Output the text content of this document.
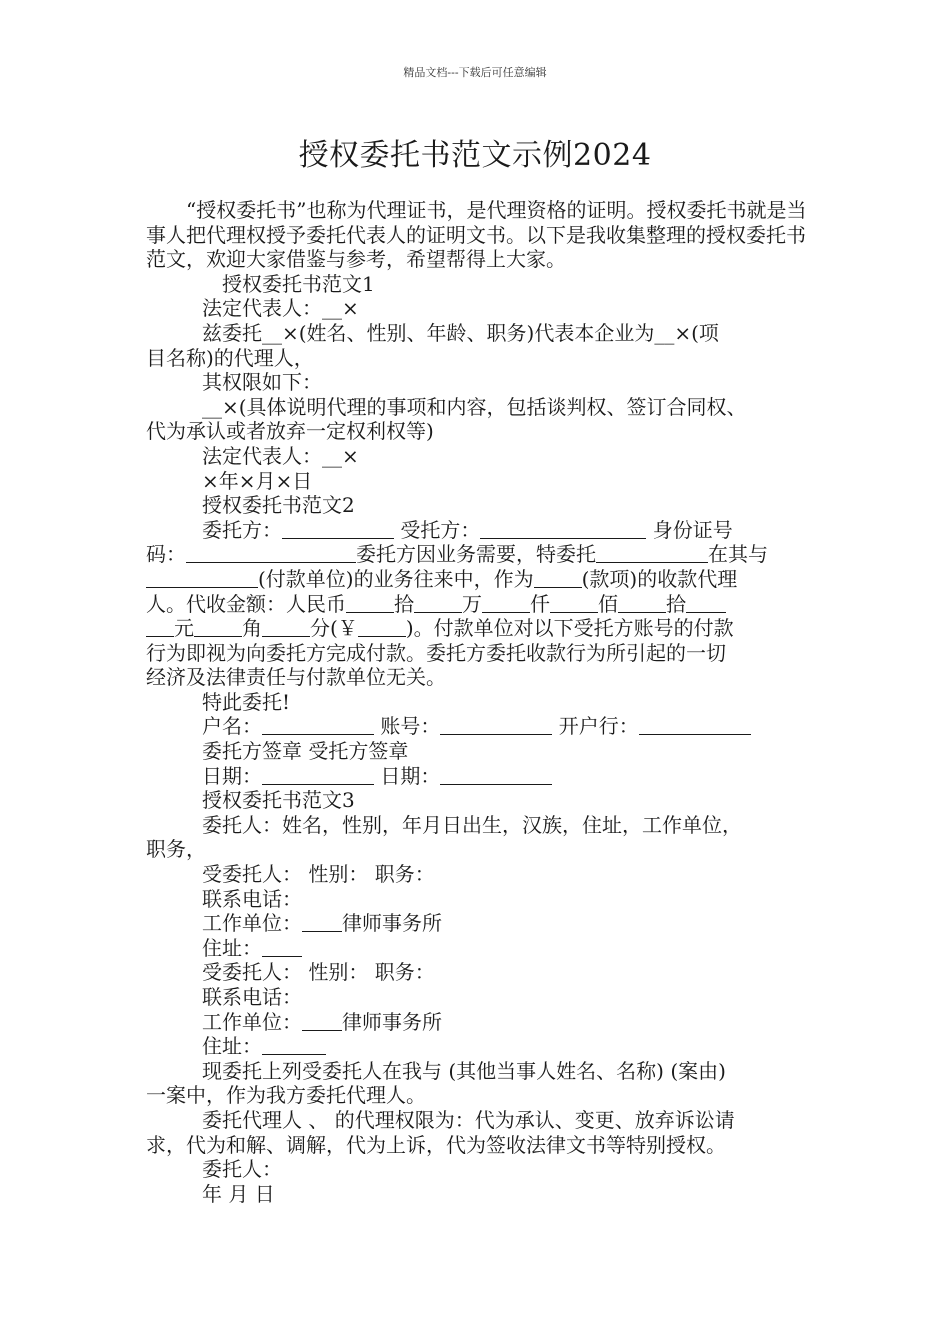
精品文档---下载后可任意编辑
授权委托书范文示例2024
“授权委托书”也称为代理证书，是代理资格的证明。授权委托书就是当事人把代理权授予委托代表人的证明文书。以下是我收集整理的授权委托书范文，欢迎大家借鉴与参考，希望帮得上大家。
授权委托书范文1
法定代表人：__×
兹委托__×(姓名、性别、年龄、职务)代表本企业为__×(项
目名称)的代理人，
其权限如下：
__×(具体说明代理的事项和内容，包括谈判权、签订合同权、
代为承认或者放弃一定权利权等)
法定代表人：__×
×年×月×日
授权委托书范文2
委托方：	受托方：	身份证号
码：	委托方因业务需要，特委托	在其与
(付款单位)的业务往来中，作为 (款项)的收款代理
人。代收金额：人民币 拾 万 仟 佰 拾
元 角 分(￥ )。付款单位对以下受托方账号的付款
行为即视为向委托方完成付款。委托方委托收款行为所引起的一切
经济及法律责任与付款单位无关。
特此委托!
户名：	账号：	开户行：
委托方签章 受托方签章
日期：	日期：
授权委托书范文3
委托人：姓名，性别，年月日出生，汉族，住址，工作单位，
职务，
受委托人： 性别： 职务：
联系电话：
工作单位： 律师事务所
住址：
受委托人： 性别： 职务：
联系电话：
工作单位： 律师事务所
住址：
现委托上列受委托人在我与 (其他当事人姓名、名称) (案由)
一案中，作为我方委托代理人。
委托代理人 、 的代理权限为：代为承认、变更、放弃诉讼请
求，代为和解、调解，代为上诉，代为签收法律文书等特别授权。
委托人：
年 月 日
